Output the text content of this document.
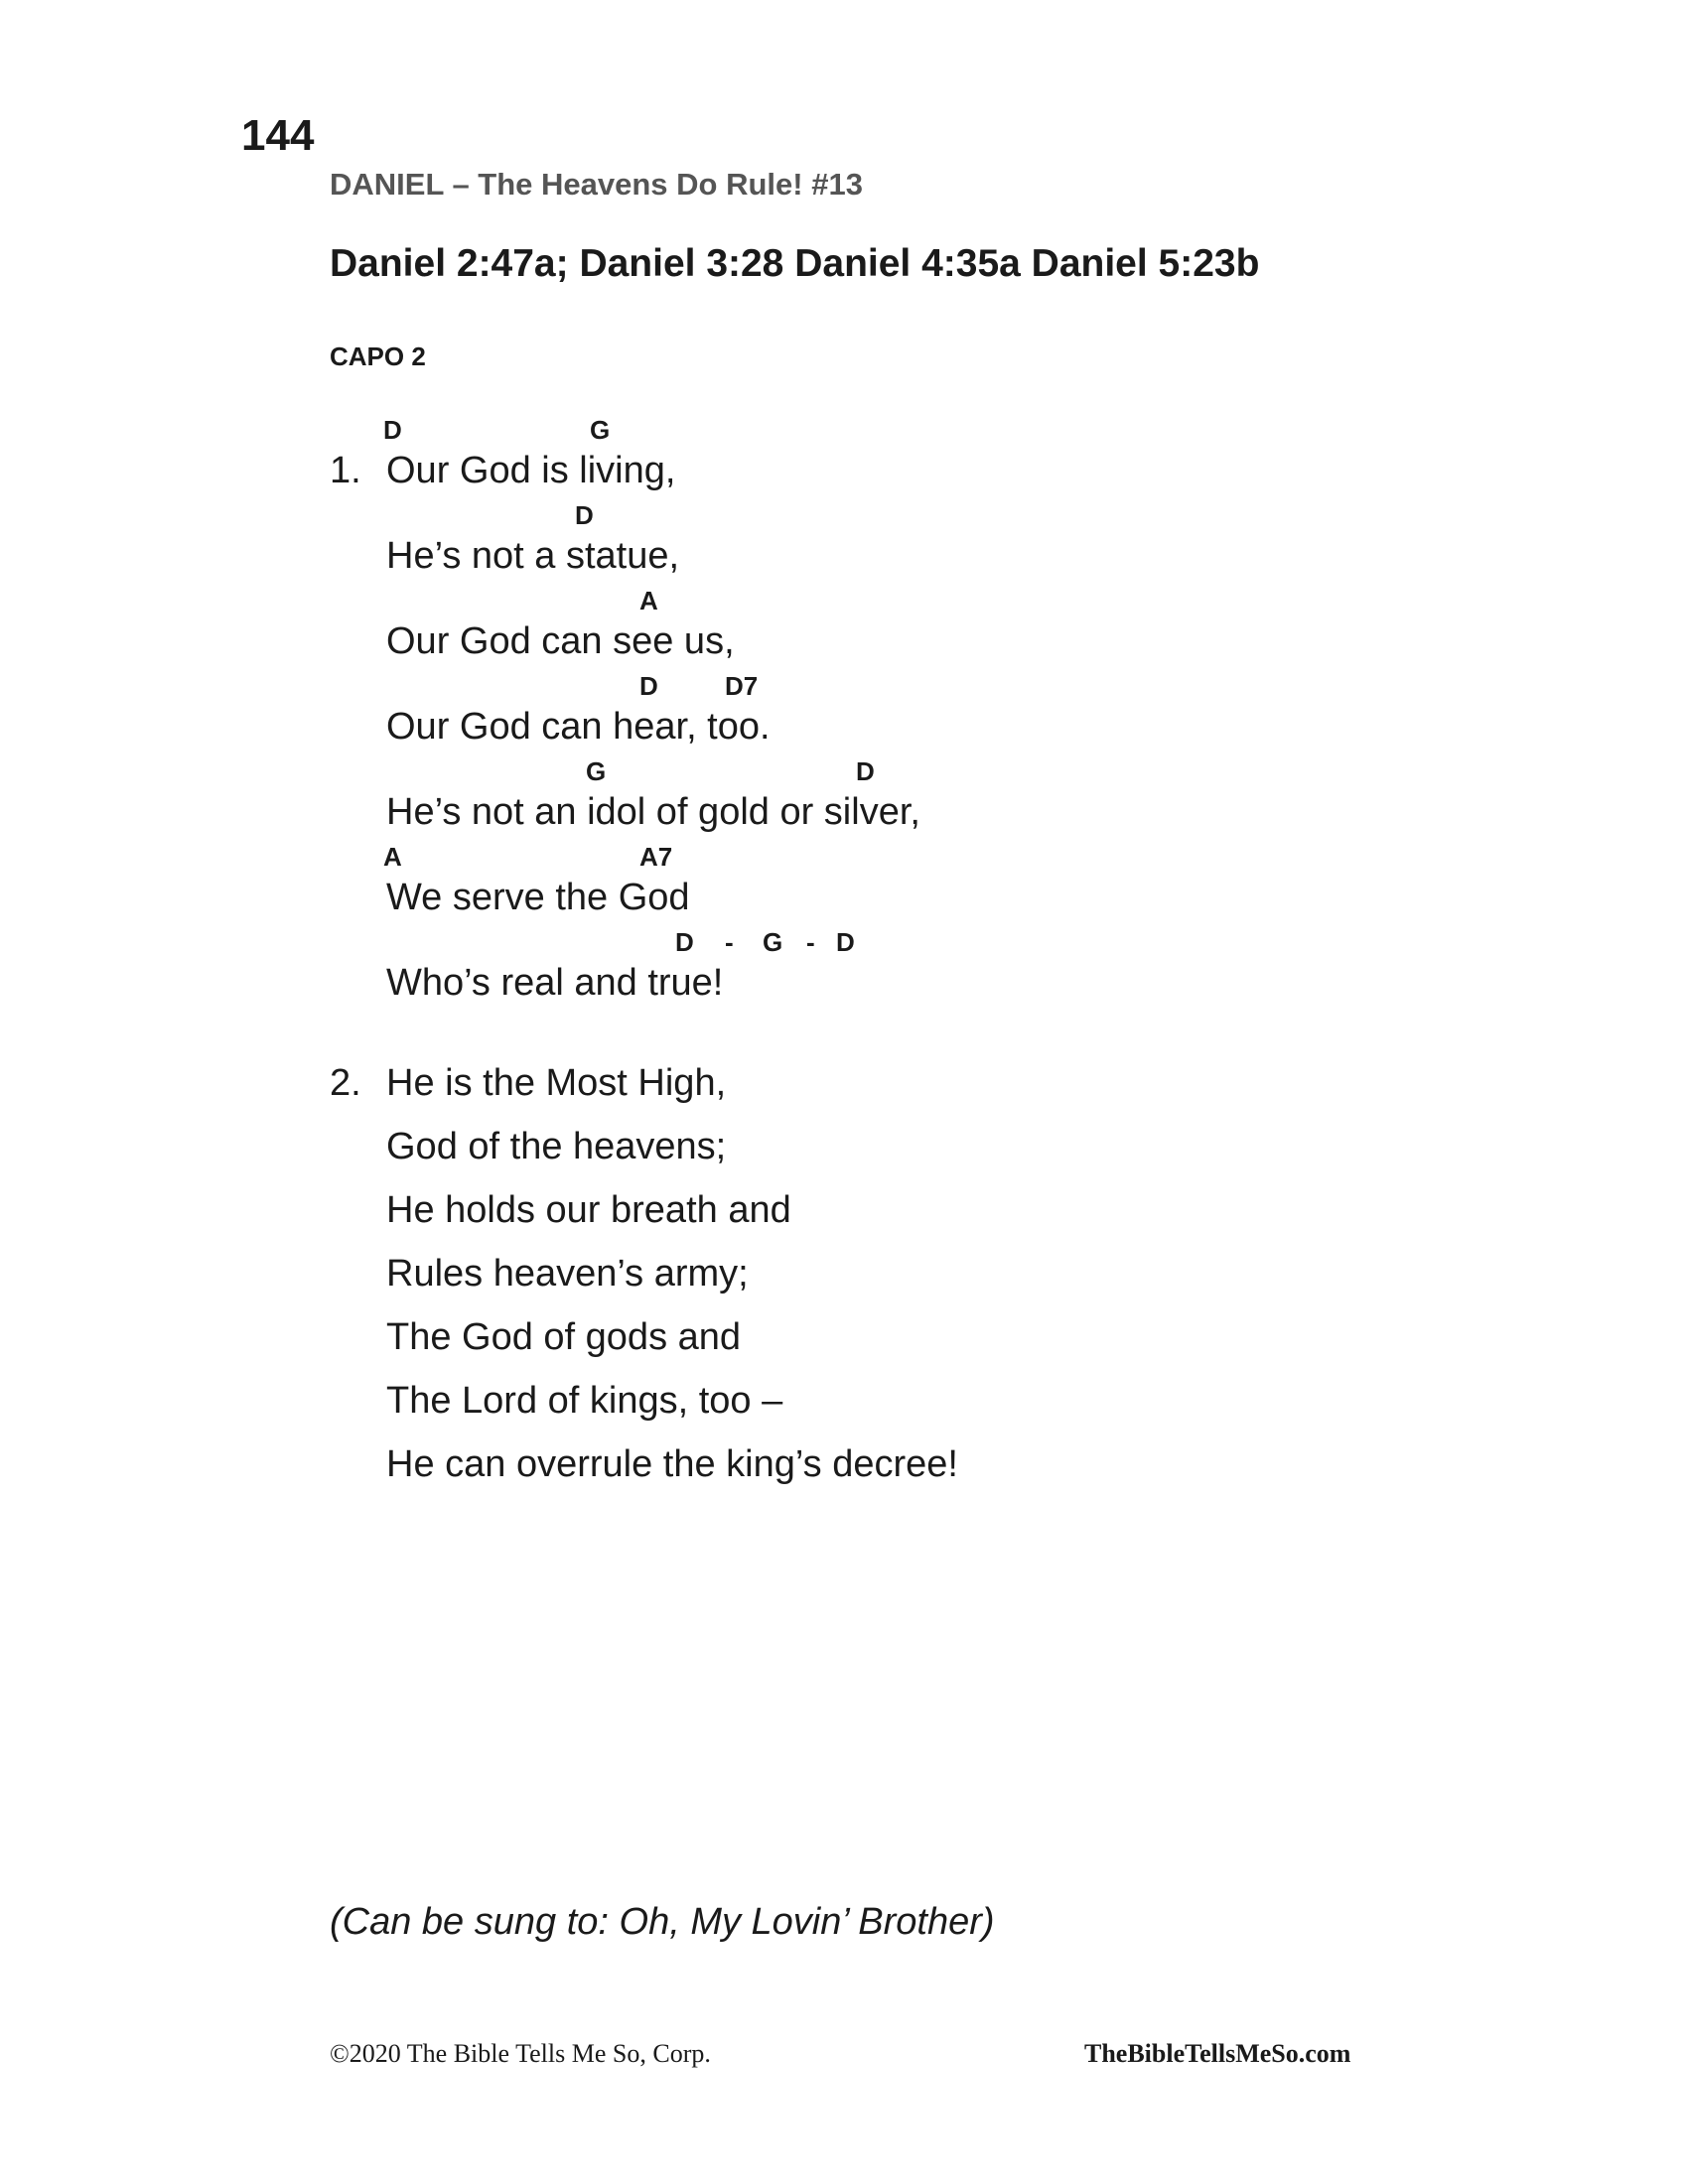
144
DANIEL – The Heavens Do Rule! #13
Daniel 2:47a; Daniel 3:28 Daniel 4:35a Daniel 5:23b
CAPO 2
1.
D	G
Our God is living,
D
He’s not a statue,
A
Our God can see us,
D	D7
Our God can hear, too.
G	D
He’s not an idol of gold or silver,
A	A7
We serve the God
D - G - D
Who’s real and true!
2. He is the Most High,
God of the heavens;
He holds our breath and
Rules heaven’s army;
The God of gods and
The Lord of kings, too –
He can overrule the king’s decree!
(Can be sung to: Oh, My Lovin’ Brother)
©2020 The Bible Tells Me So, Corp.	TheBibleTellsMeSo.com
